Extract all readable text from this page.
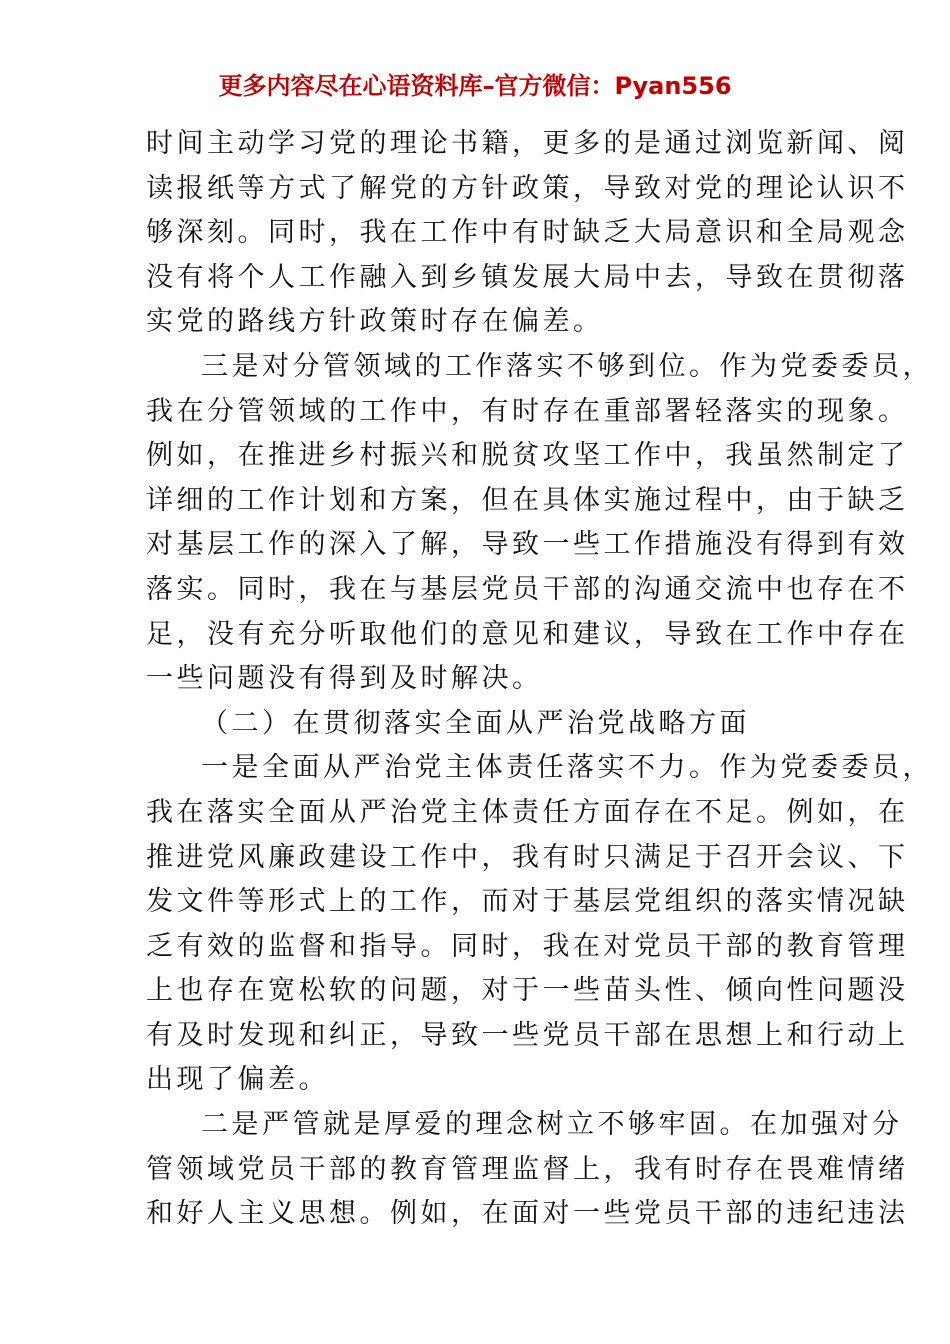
更多内容尽在心语资料库–官方微信：Pyan556
时间主动学习党的理论书籍，更多的是通过浏览新闻、阅
读报纸等方式了解党的方针政策，导致对党的理论认识不
够深刻。同时，我在工作中有时缺乏大局意识和全局观念
没有将个人工作融入到乡镇发展大局中去，导致在贯彻落
实党的路线方针政策时存在偏差。
三是对分管领域的工作落实不够到位。作为党委委员，
我在分管领域的工作中，有时存在重部署轻落实的现象。
例如，在推进乡村振兴和脱贫攻坚工作中，我虽然制定了
详细的工作计划和方案，但在具体实施过程中，由于缺乏
对基层工作的深入了解，导致一些工作措施没有得到有效
落实。同时，我在与基层党员干部的沟通交流中也存在不
足，没有充分听取他们的意见和建议，导致在工作中存在
一些问题没有得到及时解决。
（二）在贯彻落实全面从严治党战略方面
一是全面从严治党主体责任落实不力。作为党委委员，
我在落实全面从严治党主体责任方面存在不足。例如，在
推进党风廉政建设工作中，我有时只满足于召开会议、下
发文件等形式上的工作，而对于基层党组织的落实情况缺
乏有效的监督和指导。同时，我在对党员干部的教育管理
上也存在宽松软的问题，对于一些苗头性、倾向性问题没
有及时发现和纠正，导致一些党员干部在思想上和行动上
出现了偏差。
二是严管就是厚爱的理念树立不够牢固。在加强对分
管领域党员干部的教育管理监督上，我有时存在畏难情绪
和好人主义思想。例如，在面对一些党员干部的违纪违法
